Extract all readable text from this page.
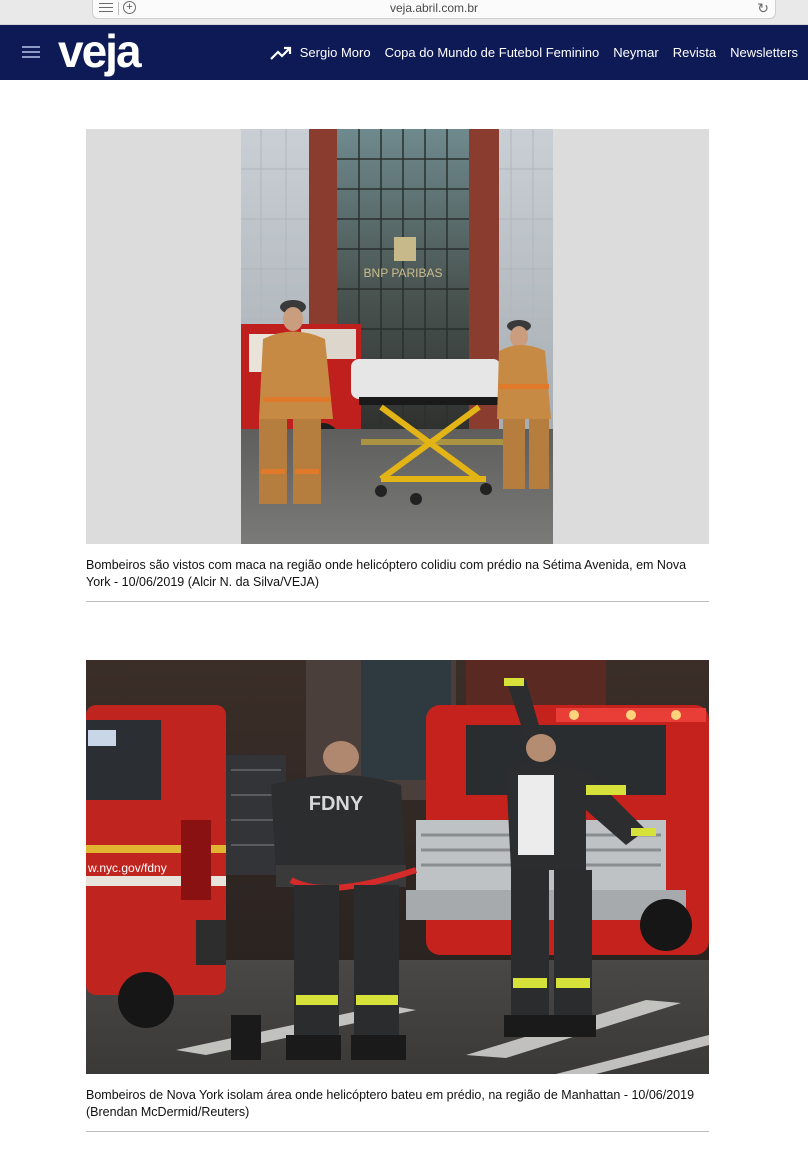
+	veja.abril.com.br	↻
veja	Sergio Moro Copa do Mundo de Futebol Feminino Neymar Revista Newsletters
BNP PARIBAS
Bombeiros são vistos com maca na região onde helicóptero colidiu com prédio na Sétima Avenida, em Nova York - 10/06/2019 (Alcir N. da Silva/VEJA)
w.nyc.gov/fdny
FDNY
Bombeiros de Nova York isolam área onde helicóptero bateu em prédio, na região de Manhattan - 10/06/2019 (Brendan McDermid/Reuters)
